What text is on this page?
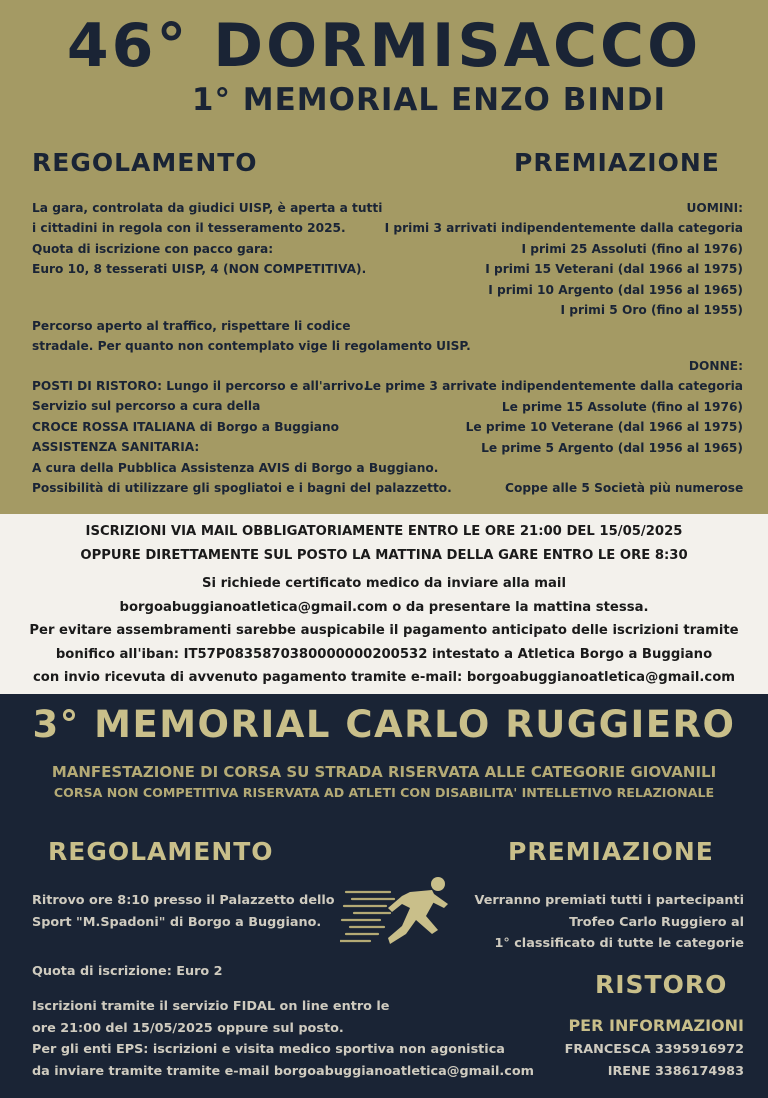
46° DORMISACCO
1° MEMORIAL ENZO BINDI
REGOLAMENTO	PREMIAZIONE
La gara, controlata da giudici UISP, è aperta a tutti
i cittadini in regola con il tesseramento 2025.
Quota di iscrizione con pacco gara:
Euro 10, 8 tesserati UISP, 4 (NON COMPETITIVA).
Percorso aperto al traffico, rispettare li codice
stradale. Per quanto non contemplato vige li regolamento UISP.
POSTI DI RISTORO: Lungo il percorso e all'arrivo.
Servizio sul percorso a cura della
CROCE ROSSA ITALIANA di Borgo a Buggiano
ASSISTENZA SANITARIA:
A cura della Pubblica Assistenza AVIS di Borgo a Buggiano.
Possibilità di utilizzare gli spogliatoi e i bagni del palazzetto.
UOMINI:
I primi 3 arrivati indipendentemente dalla categoria
I primi 25 Assoluti (fino al 1976)
I primi 15 Veterani (dal 1966 al 1975)
I primi 10 Argento (dal 1956 al 1965)
I primi 5 Oro (fino al 1955)
DONNE:
Le prime 3 arrivate indipendentemente dalla categoria
Le prime 15 Assolute (fino al 1976)
Le prime 10 Veterane (dal 1966 al 1975)
Le prime 5 Argento (dal 1956 al 1965)
Coppe alle 5 Società più numerose
ISCRIZIONI VIA MAIL OBBLIGATORIAMENTE ENTRO LE ORE 21:00 DEL 15/05/2025
OPPURE DIRETTAMENTE SUL POSTO LA MATTINA DELLA GARE ENTRO LE ORE 8:30
Si richiede certificato medico da inviare alla mail
borgoabuggianoatletica@gmail.com o da presentare la mattina stessa.
Per evitare assembramenti sarebbe auspicabile il pagamento anticipato delle iscrizioni tramite
bonifico all'iban: IT57P0835870380000000200532 intestato a Atletica Borgo a Buggiano
con invio ricevuta di avvenuto pagamento tramite e-mail: borgoabuggianoatletica@gmail.com
3° MEMORIAL CARLO RUGGIERO
MANFESTAZIONE DI CORSA SU STRADA RISERVATA ALLE CATEGORIE GIOVANILI
CORSA NON COMPETITIVA RISERVATA AD ATLETI CON DISABILITA' INTELLETIVO RELAZIONALE
REGOLAMENTO	PREMIAZIONE
Ritrovo ore 8:10 presso il Palazzetto dello
Sport "M.Spadoni" di Borgo a Buggiano.
Verranno premiati tutti i partecipanti
Trofeo Carlo Ruggiero al
1° classificato di tutte le categorie
Quota di iscrizione: Euro 2	RISTORO
Iscrizioni tramite il servizio FIDAL on line entro le
ore 21:00 del 15/05/2025 oppure sul posto.
Per gli enti EPS: iscrizioni e visita medico sportiva non agonistica
da inviare tramite tramite e-mail borgoabuggianoatletica@gmail.com
PER INFORMAZIONI
FRANCESCA 3395916972
IRENE 3386174983
